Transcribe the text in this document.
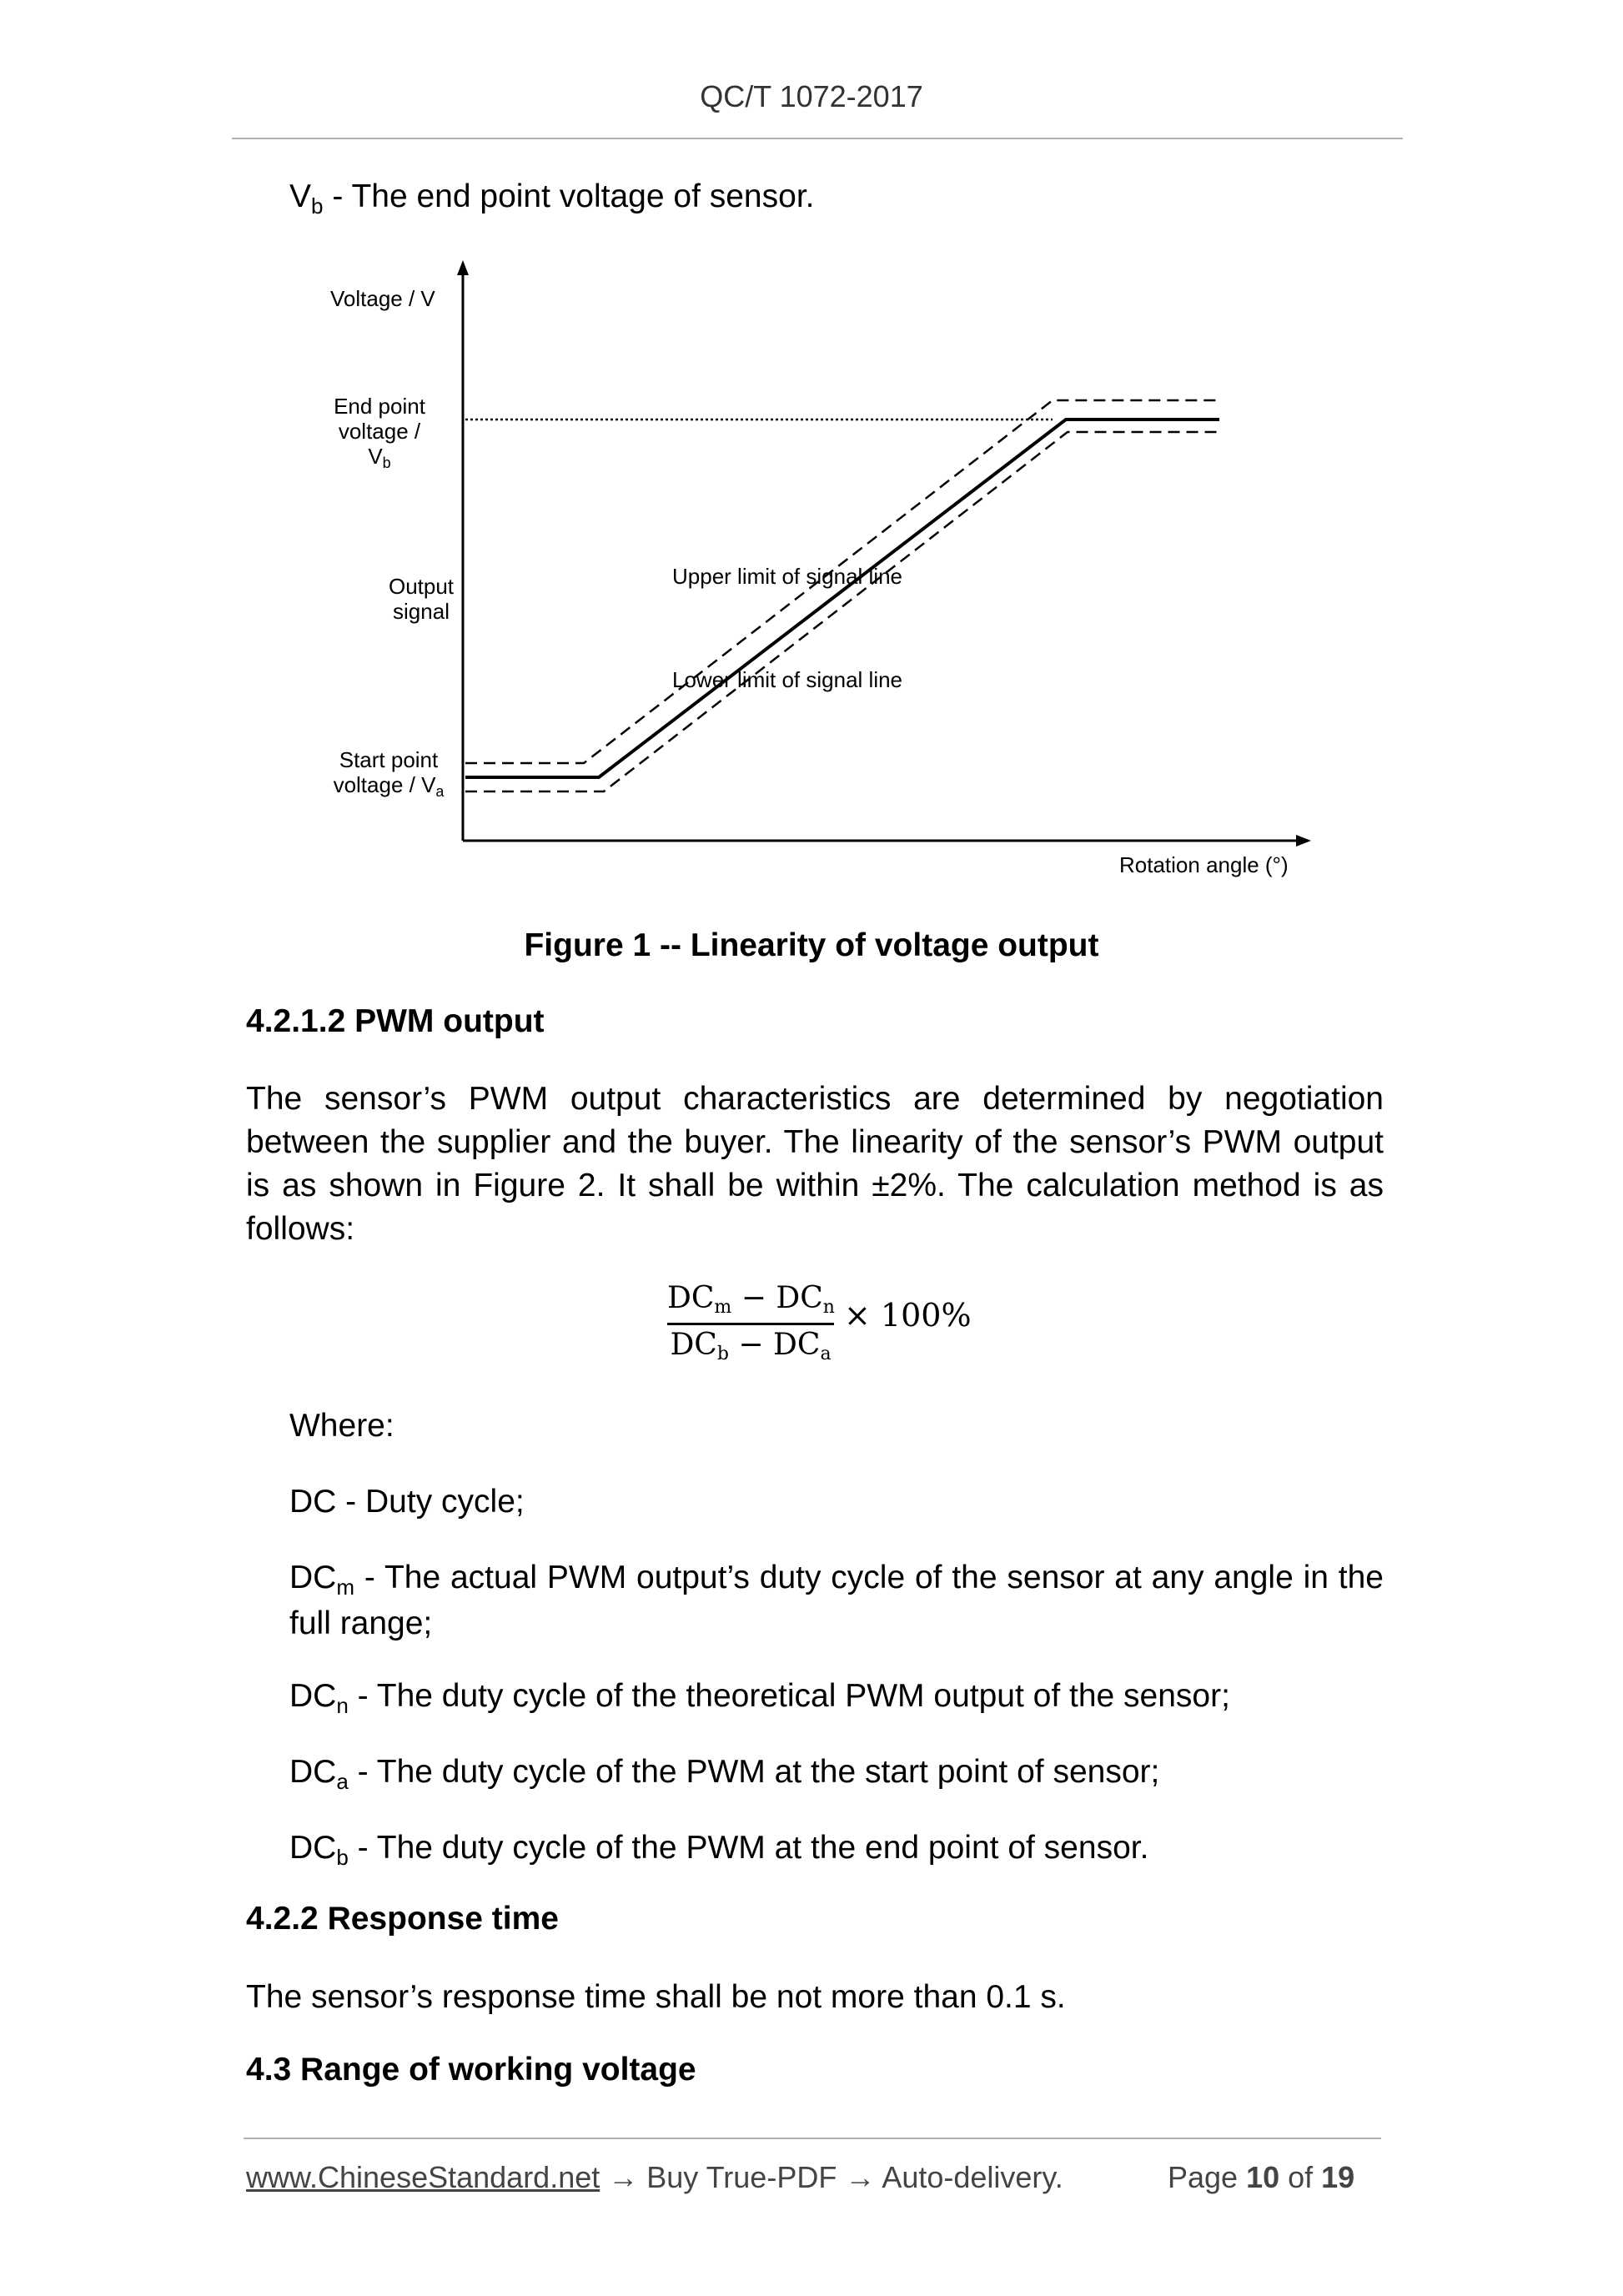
QC/T 1072-2017
$V_b$ - The end point voltage of sensor.
Voltage / V
End point
voltage / Vb
Output
signal
Start point
voltage / Va
Upper limit of signal line
Lower limit of signal line
Rotation angle (°)
Figure 1 -- Linearity of voltage output
4.2.1.2 PWM output
The sensor’s PWM output characteristics are determined by negotiation between the supplier and the buyer. The linearity of the sensor’s PWM output is as shown in Figure 2. It shall be within ±2%. The calculation method is as follows:
DCm − DCn
DCb − DCa
× 100%
Where:
DC - Duty cycle;
$DC_m$ - The actual PWM output’s duty cycle of the sensor at any angle in the full range;
$DC_n$ - The duty cycle of the theoretical PWM output of the sensor;
$DC_a$ - The duty cycle of the PWM at the start point of sensor;
$DC_b$ - The duty cycle of the PWM at the end point of sensor.
4.2.2 Response time
The sensor’s response time shall be not more than 0.1 s.
4.3 Range of working voltage
www.ChineseStandard.net → Buy True-PDF → Auto-delivery.	Page 10 of 19
